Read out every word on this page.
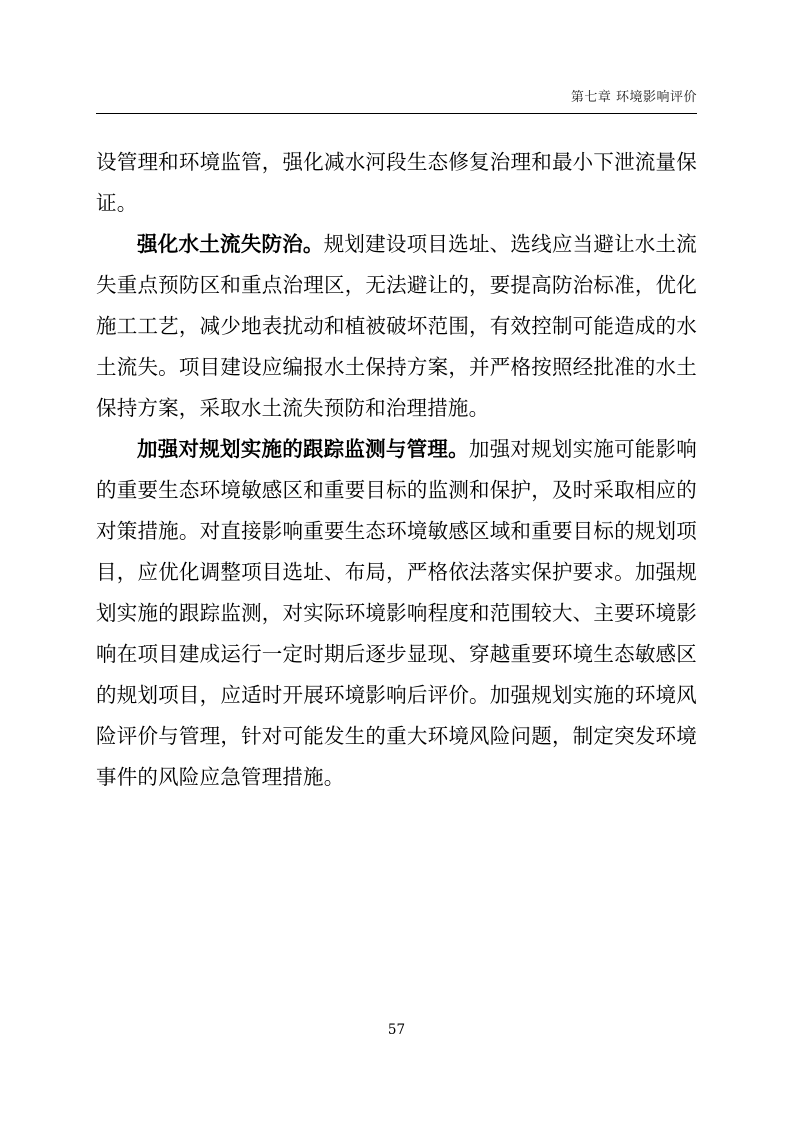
第七章 环境影响评价

设管理和环境监管，强化减水河段生态修复治理和最小下泄流量保证。

强化水土流失防治。规划建设项目选址、选线应当避让水土流失重点预防区和重点治理区，无法避让的，要提高防治标准，优化施工工艺，减少地表扰动和植被破坏范围，有效控制可能造成的水土流失。项目建设应编报水土保持方案，并严格按照经批准的水土保持方案，采取水土流失预防和治理措施。

加强对规划实施的跟踪监测与管理。加强对规划实施可能影响的重要生态环境敏感区和重要目标的监测和保护，及时采取相应的对策措施。对直接影响重要生态环境敏感区域和重要目标的规划项目，应优化调整项目选址、布局，严格依法落实保护要求。加强规划实施的跟踪监测，对实际环境影响程度和范围较大、主要环境影响在项目建成运行一定时期后逐步显现、穿越重要环境生态敏感区的规划项目，应适时开展环境影响后评价。加强规划实施的环境风险评价与管理，针对可能发生的重大环境风险问题，制定突发环境事件的风险应急管理措施。

57
